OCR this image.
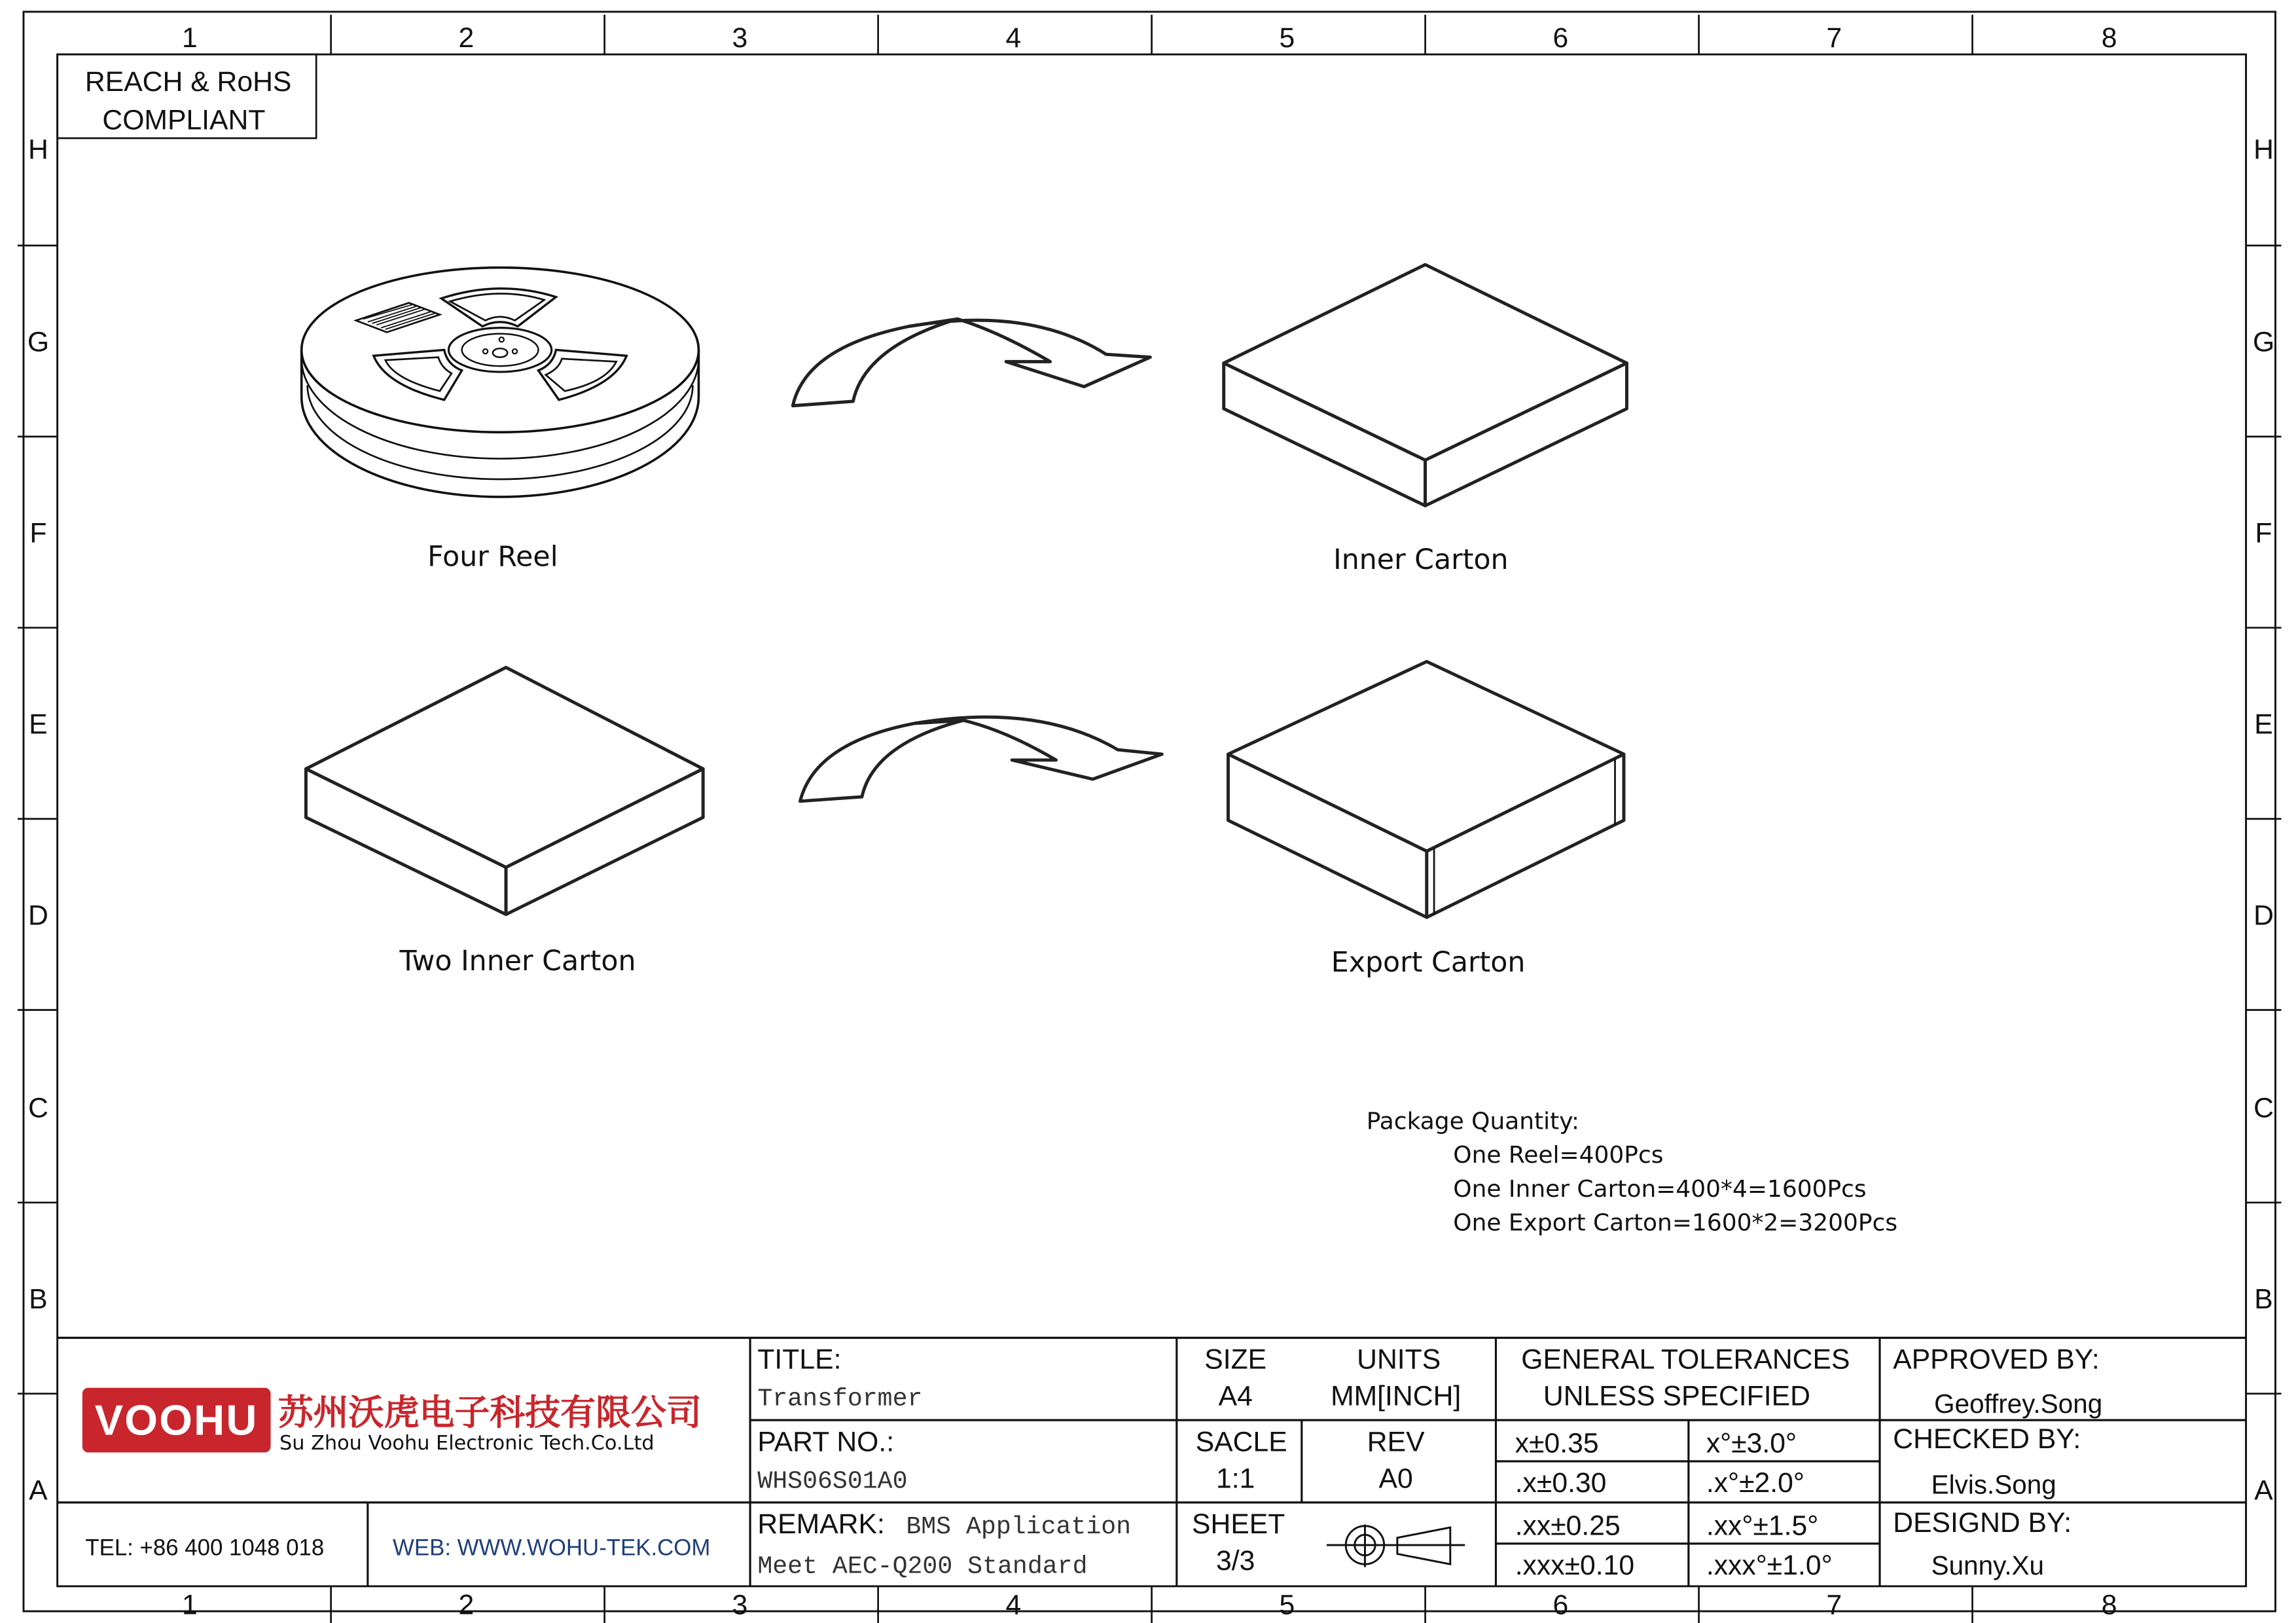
1	2	3	4	5	6	7	8
1	2	3	4	5	6	7	8
H
G
F
E
D
C
B
A
H
G
F
E
D
C
B
A
REACH & RoHS
COMPLIANT
Four Reel	Inner Carton
Two Inner Carton	Export Carton
Package Quantity:
One Reel=400Pcs
One Inner Carton=400*4=1600Pcs
One Export Carton=1600*2=3200Pcs
VOOHU 苏州沃虎电子科技有限公司
Su Zhou Voohu Electronic Tech.Co.Ltd
TEL: +86 400 1048 018	WEB: WWW.WOHU-TEK.COM
TITLE:
Transformer
PART NO.:
WHS06S01A0
REMARK: BMS Application
Meet AEC-Q200 Standard
SIZE
A4
UNITS
MM[INCH]
SACLE
1:1
REV
A0
SHEET
3/3
GENERAL TOLERANCES
UNLESS SPECIFIED
x±0.35	x°±3.0°
.x±0.30	.x°±2.0°
.xx±0.25	.xx°±1.5°
.xxx±0.10	.xxx°±1.0°
APPROVED BY:
Geoffrey.Song
CHECKED BY:
Elvis.Song
DESIGND BY:
Sunny.Xu
